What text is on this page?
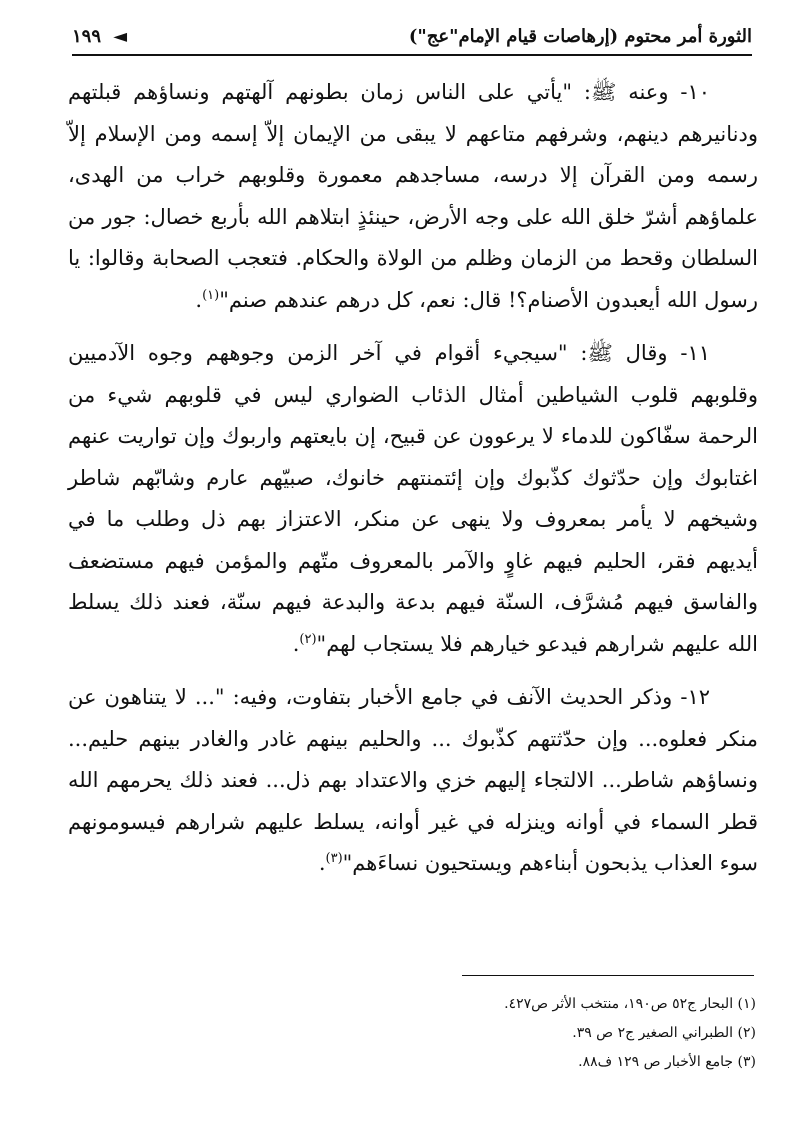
الثورة أمر محتوم (إرهاصات قيام الإمام"عج")
◄ ١٩٩

١٠- وعنه ﷺ: "يأتي على الناس زمان بطونهم آلهتهم ونساؤهم قبلتهم ودنانيرهم دينهم، وشرفهم متاعهم لا يبقى من الإيمان إلاّ إسمه ومن الإسلام إلاّ رسمه ومن القرآن إلا درسه، مساجدهم معمورة وقلوبهم خراب من الهدى، علماؤهم أشرّ خلق الله على وجه الأرض، حينئذٍ ابتلاهم الله بأربع خصال: جور من السلطان وقحط من الزمان وظلم من الولاة والحكام. فتعجب الصحابة وقالوا: يا رسول الله أيعبدون الأصنام؟! قال: نعم، كل درهم عندهم صنم"$^{(١)}$.

١١- وقال ﷺ: "سيجيء أقوام في آخر الزمن وجوههم وجوه الآدميين وقلوبهم قلوب الشياطين أمثال الذئاب الضواري ليس في قلوبهم شيء من الرحمة سفّاكون للدماء لا يرعوون عن قبيح، إن بايعتهم واربوك وإن تواريت عنهم اغتابوك وإن حدّثوك كذّبوك وإن إئتمنتهم خانوك، صبيّهم عارم وشابّهم شاطر وشيخهم لا يأمر بمعروف ولا ينهى عن منكر، الاعتزاز بهم ذل وطلب ما في أيديهم فقر، الحليم فيهم غاوٍ والآمر بالمعروف متّهم والمؤمن فيهم مستضعف والفاسق فيهم مُشرَّف، السنّة فيهم بدعة والبدعة فيهم سنّة، فعند ذلك يسلط الله عليهم شرارهم فيدعو خيارهم فلا يستجاب لهم"$^{(٢)}$.

١٢- وذكر الحديث الآنف في جامع الأخبار بتفاوت، وفيه: "... لا يتناهون عن منكر فعلوه... وإن حدّثتهم كذّبوك ... والحليم بينهم غادر والغادر بينهم حليم... ونساؤهم شاطر... الالتجاء إليهم خزي والاعتداد بهم ذل... فعند ذلك يحرمهم الله قطر السماء في أوانه وينزله في غير أوانه، يسلط عليهم شرارهم فيسومونهم سوء العذاب يذبحون أبناءهم ويستحيون نساءَهم"$^{(٣)}$.

(١) البحار ج٥٢ ص١٩٠، منتخب الأثر ص٤٢٧.
(٢) الطبراني الصغير ج٢ ص ٣٩.
(٣) جامع الأخبار ص ١٢٩ ف٨٨.
